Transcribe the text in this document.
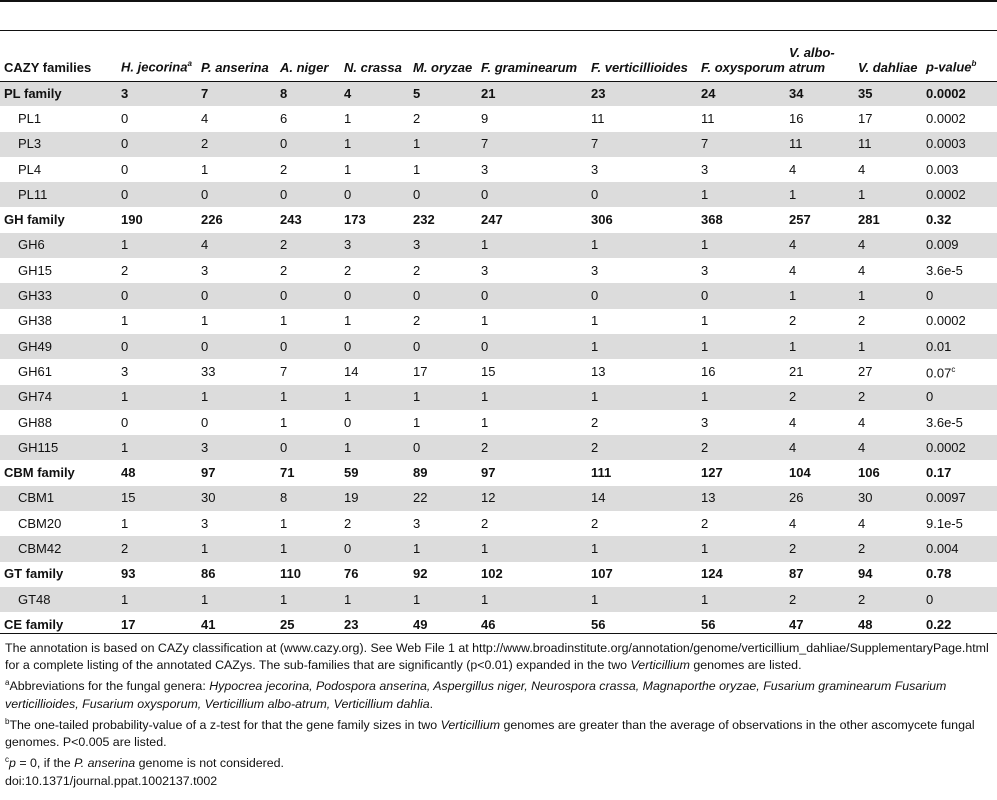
CAZY families	H. jecorina$^a$	P. anserina	A. niger	N. crassa	M. oryzae	F. graminearum	F. verticillioides	F. oxysporum	V. albo-atrum	V. dahliae	p-value$^b$
PL family	3	7	8	4	5	21	23	24	34	35	0.0002
PL1	0	4	6	1	2	9	11	11	16	17	0.0002
PL3	0	2	0	1	1	7	7	7	11	11	0.0003
PL4	0	1	2	1	1	3	3	3	4	4	0.003
PL11	0	0	0	0	0	0	0	1	1	1	0.0002
GH family	190	226	243	173	232	247	306	368	257	281	0.32
GH6	1	4	2	3	3	1	1	1	4	4	0.009
GH15	2	3	2	2	2	3	3	3	4	4	3.6e-5
GH33	0	0	0	0	0	0	0	0	1	1	0
GH38	1	1	1	1	2	1	1	1	2	2	0.0002
GH49	0	0	0	0	0	0	1	1	1	1	0.01
GH61	3	33	7	14	17	15	13	16	21	27	0.07$^c$
GH74	1	1	1	1	1	1	1	1	2	2	0
GH88	0	0	1	0	1	1	2	3	4	4	3.6e-5
GH115	1	3	0	1	0	2	2	2	4	4	0.0002
CBM family	48	97	71	59	89	97	111	127	104	106	0.17
CBM1	15	30	8	19	22	12	14	13	26	30	0.0097
CBM20	1	3	1	2	3	2	2	2	4	4	9.1e-5
CBM42	2	1	1	0	1	1	1	1	2	2	0.004
GT family	93	86	110	76	92	102	107	124	87	94	0.78
GT48	1	1	1	1	1	1	1	1	2	2	0
CE family	17	41	25	23	49	46	56	56	47	48	0.22

The annotation is based on CAZy classification at (www.cazy.org). See Web File 1 at http://www.broadinstitute.org/annotation/genome/verticillium_dahliae/SupplementaryPage.html for a complete listing of the annotated CAZys. The sub-families that are significantly (p<0.01) expanded in the two Verticillium genomes are listed.

$^a$Abbreviations for the fungal genera: Hypocrea jecorina, Podospora anserina, Aspergillus niger, Neurospora crassa, Magnaporthe oryzae, Fusarium graminearum Fusarium verticillioides, Fusarium oxysporum, Verticillium albo-atrum, Verticillium dahlia.

$^b$The one-tailed probability-value of a z-test for that the gene family sizes in two Verticillium genomes are greater than the average of observations in the other ascomycete fungal genomes. P<0.005 are listed.

$^c$p = 0, if the P. anserina genome is not considered.

doi:10.1371/journal.ppat.1002137.t002
